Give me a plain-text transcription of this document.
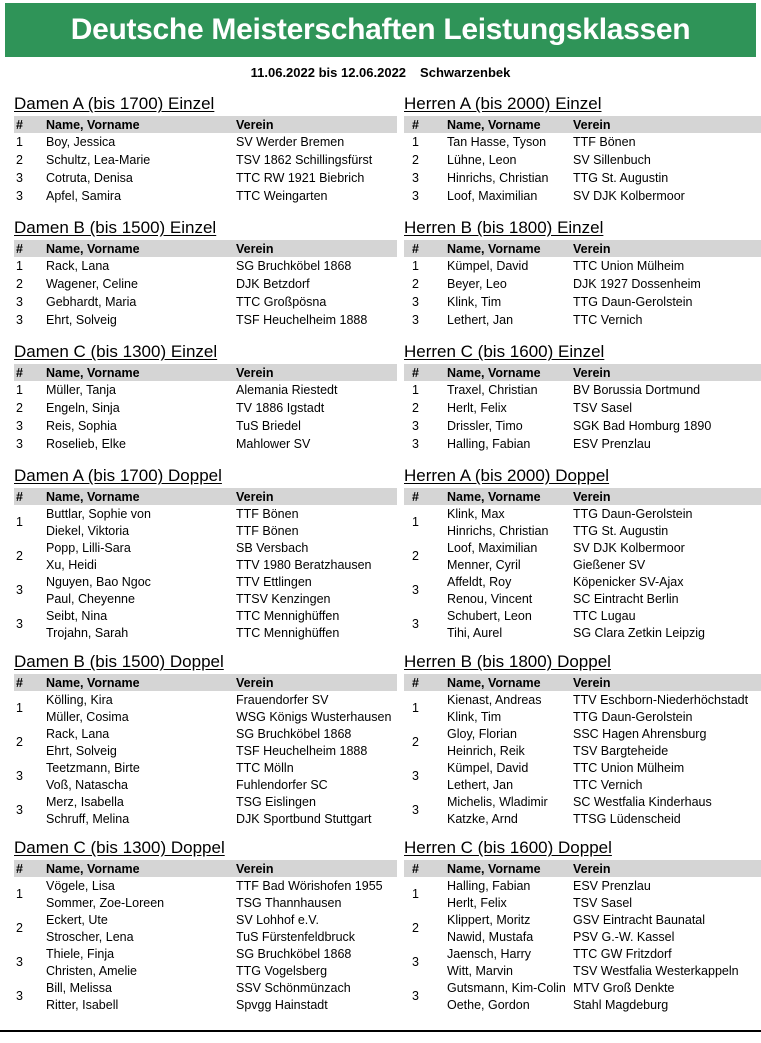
Deutsche Meisterschaften Leistungsklassen
11.06.2022 bis 12.06.2022 Schwarzenbek
Damen A (bis 1700) Einzel
#	Name, Vorname	Verein
1	Boy, Jessica	SV Werder Bremen
2	Schultz, Lea-Marie	TSV 1862 Schillingsfürst
3	Cotruta, Denisa	TTC RW 1921 Biebrich
3	Apfel, Samira	TTC Weingarten
Damen B (bis 1500) Einzel
#	Name, Vorname	Verein
1	Rack, Lana	SG Bruchköbel 1868
2	Wagener, Celine	DJK Betzdorf
3	Gebhardt, Maria	TTC Großpösna
3	Ehrt, Solveig	TSF Heuchelheim 1888
Damen C (bis 1300) Einzel
#	Name, Vorname	Verein
1	Müller, Tanja	Alemania Riestedt
2	Engeln, Sinja	TV 1886 Igstadt
3	Reis, Sophia	TuS Briedel
3	Roselieb, Elke	Mahlower SV
Damen A (bis 1700) Doppel
#	Name, Vorname	Verein
1	Buttlar, Sophie von	TTF Bönen
	Diekel, Viktoria	TTF Bönen
2	Popp, Lilli-Sara	SB Versbach
	Xu, Heidi	TTV 1980 Beratzhausen
3	Nguyen, Bao Ngoc	TTV Ettlingen
	Paul, Cheyenne	TTSV Kenzingen
3	Seibt, Nina	TTC Mennighüffen
	Trojahn, Sarah	TTC Mennighüffen
Damen B (bis 1500) Doppel
#	Name, Vorname	Verein
1	Kölling, Kira	Frauendorfer SV
	Müller, Cosima	WSG Königs Wusterhausen
2	Rack, Lana	SG Bruchköbel 1868
	Ehrt, Solveig	TSF Heuchelheim 1888
3	Teetzmann, Birte	TTC Mölln
	Voß, Natascha	Fuhlendorfer SC
3	Merz, Isabella	TSG Eislingen
	Schruff, Melina	DJK Sportbund Stuttgart
Damen C (bis 1300) Doppel
#	Name, Vorname	Verein
1	Vögele, Lisa	TTF Bad Wörishofen 1955
	Sommer, Zoe-Loreen	TSG Thannhausen
2	Eckert, Ute	SV Lohhof e.V.
	Stroscher, Lena	TuS Fürstenfeldbruck
3	Thiele, Finja	SG Bruchköbel 1868
	Christen, Amelie	TTG Vogelsberg
3	Bill, Melissa	SSV Schönmünzach
	Ritter, Isabell	Spvgg Hainstadt
Herren A (bis 2000) Einzel
#	Name, Vorname	Verein
1	Tan Hasse, Tyson	TTF Bönen
2	Lühne, Leon	SV Sillenbuch
3	Hinrichs, Christian	TTG St. Augustin
3	Loof, Maximilian	SV DJK Kolbermoor
Herren B (bis 1800) Einzel
#	Name, Vorname	Verein
1	Kümpel, David	TTC Union Mülheim
2	Beyer, Leo	DJK 1927 Dossenheim
3	Klink, Tim	TTG Daun-Gerolstein
3	Lethert, Jan	TTC Vernich
Herren C (bis 1600) Einzel
#	Name, Vorname	Verein
1	Traxel, Christian	BV Borussia Dortmund
2	Herlt, Felix	TSV Sasel
3	Drissler, Timo	SGK Bad Homburg 1890
3	Halling, Fabian	ESV Prenzlau
Herren A (bis 2000) Doppel
#	Name, Vorname	Verein
1	Klink, Max	TTG Daun-Gerolstein
	Hinrichs, Christian	TTG St. Augustin
2	Loof, Maximilian	SV DJK Kolbermoor
	Menner, Cyril	Gießener SV
3	Affeldt, Roy	Köpenicker SV-Ajax
	Renou, Vincent	SC Eintracht Berlin
3	Schubert, Leon	TTC Lugau
	Tihi, Aurel	SG Clara Zetkin Leipzig
Herren B (bis 1800) Doppel
#	Name, Vorname	Verein
1	Kienast, Andreas	TTV Eschborn-Niederhöchstadt
	Klink, Tim	TTG Daun-Gerolstein
2	Gloy, Florian	SSC Hagen Ahrensburg
	Heinrich, Reik	TSV Bargteheide
3	Kümpel, David	TTC Union Mülheim
	Lethert, Jan	TTC Vernich
3	Michelis, Wladimir	SC Westfalia Kinderhaus
	Katzke, Arnd	TTSG Lüdenscheid
Herren C (bis 1600) Doppel
#	Name, Vorname	Verein
1	Halling, Fabian	ESV Prenzlau
	Herlt, Felix	TSV Sasel
2	Klippert, Moritz	GSV Eintracht Baunatal
	Nawid, Mustafa	PSV G.-W. Kassel
3	Jaensch, Harry	TTC GW Fritzdorf
	Witt, Marvin	TSV Westfalia Westerkappeln
3	Gutsmann, Kim-Colin	MTV Groß Denkte
	Oethe, Gordon	Stahl Magdeburg
